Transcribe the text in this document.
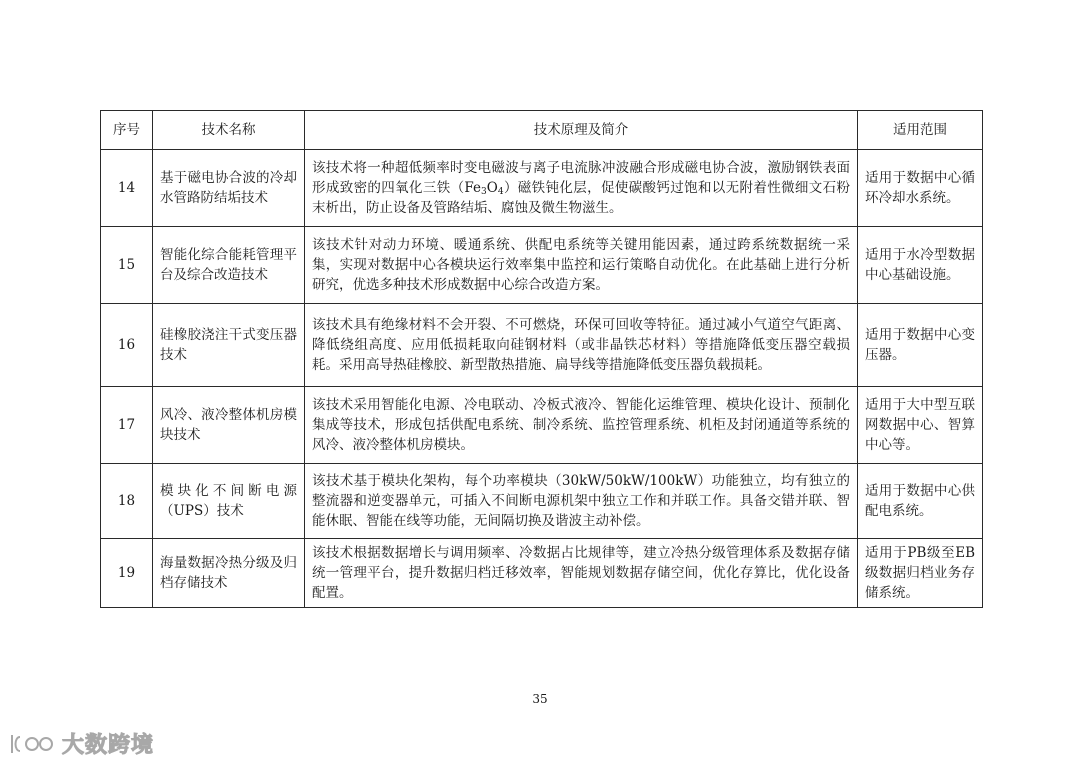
序号	技术名称	技术原理及简介	适用范围
14	基于磁电协合波的冷却水管路防结垢技术	该技术将一种超低频率时变电磁波与离子电流脉冲波融合形成磁电协合波，激励钢铁表面形成致密的四氧化三铁$(Fe_3O_4)$磁铁钝化层，促使碳酸钙过饱和以无附着性微细文石粉末析出，防止设备及管路结垢、腐蚀及微生物滋生。	适用于数据中心循环冷却水系统。
15	智能化综合能耗管理平台及综合改造技术	该技术针对动力环境、暖通系统、供配电系统等关键用能因素，通过跨系统数据统一采集，实现对数据中心各模块运行效率集中监控和运行策略自动优化。在此基础上进行分析研究，优选多种技术形成数据中心综合改造方案。	适用于水冷型数据中心基础设施。
16	硅橡胶浇注干式变压器技术	该技术具有绝缘材料不会开裂、不可燃烧，环保可回收等特征。通过减小气道空气距离、降低绕组高度、应用低损耗取向硅钢材料（或非晶铁芯材料）等措施降低变压器空载损耗。采用高导热硅橡胶、新型散热措施、扁导线等措施降低变压器负载损耗。	适用于数据中心变压器。
17	风冷、液冷整体机房模块技术	该技术采用智能化电源、冷电联动、冷板式液冷、智能化运维管理、模块化设计、预制化集成等技术，形成包括供配电系统、制冷系统、监控管理系统、机柜及封闭通道等系统的风冷、液冷整体机房模块。	适用于大中型互联网数据中心、智算中心等。
18	模块化不间断电源（UPS）技术	该技术基于模块化架构，每个功率模块（30kW/50kW/100kW）功能独立，均有独立的整流器和逆变器单元，可插入不间断电源机架中独立工作和并联工作。具备交错并联、智能休眠、智能在线等功能，无间隔切换及谐波主动补偿。	适用于数据中心供配电系统。
19	海量数据冷热分级及归档存储技术	该技术根据数据增长与调用频率、冷数据占比规律等，建立冷热分级管理体系及数据存储统一管理平台，提升数据归档迁移效率，智能规划数据存储空间，优化存算比，优化设备配置。	适用于PB级至EB级数据归档业务存储系统。
35
大数跨境
